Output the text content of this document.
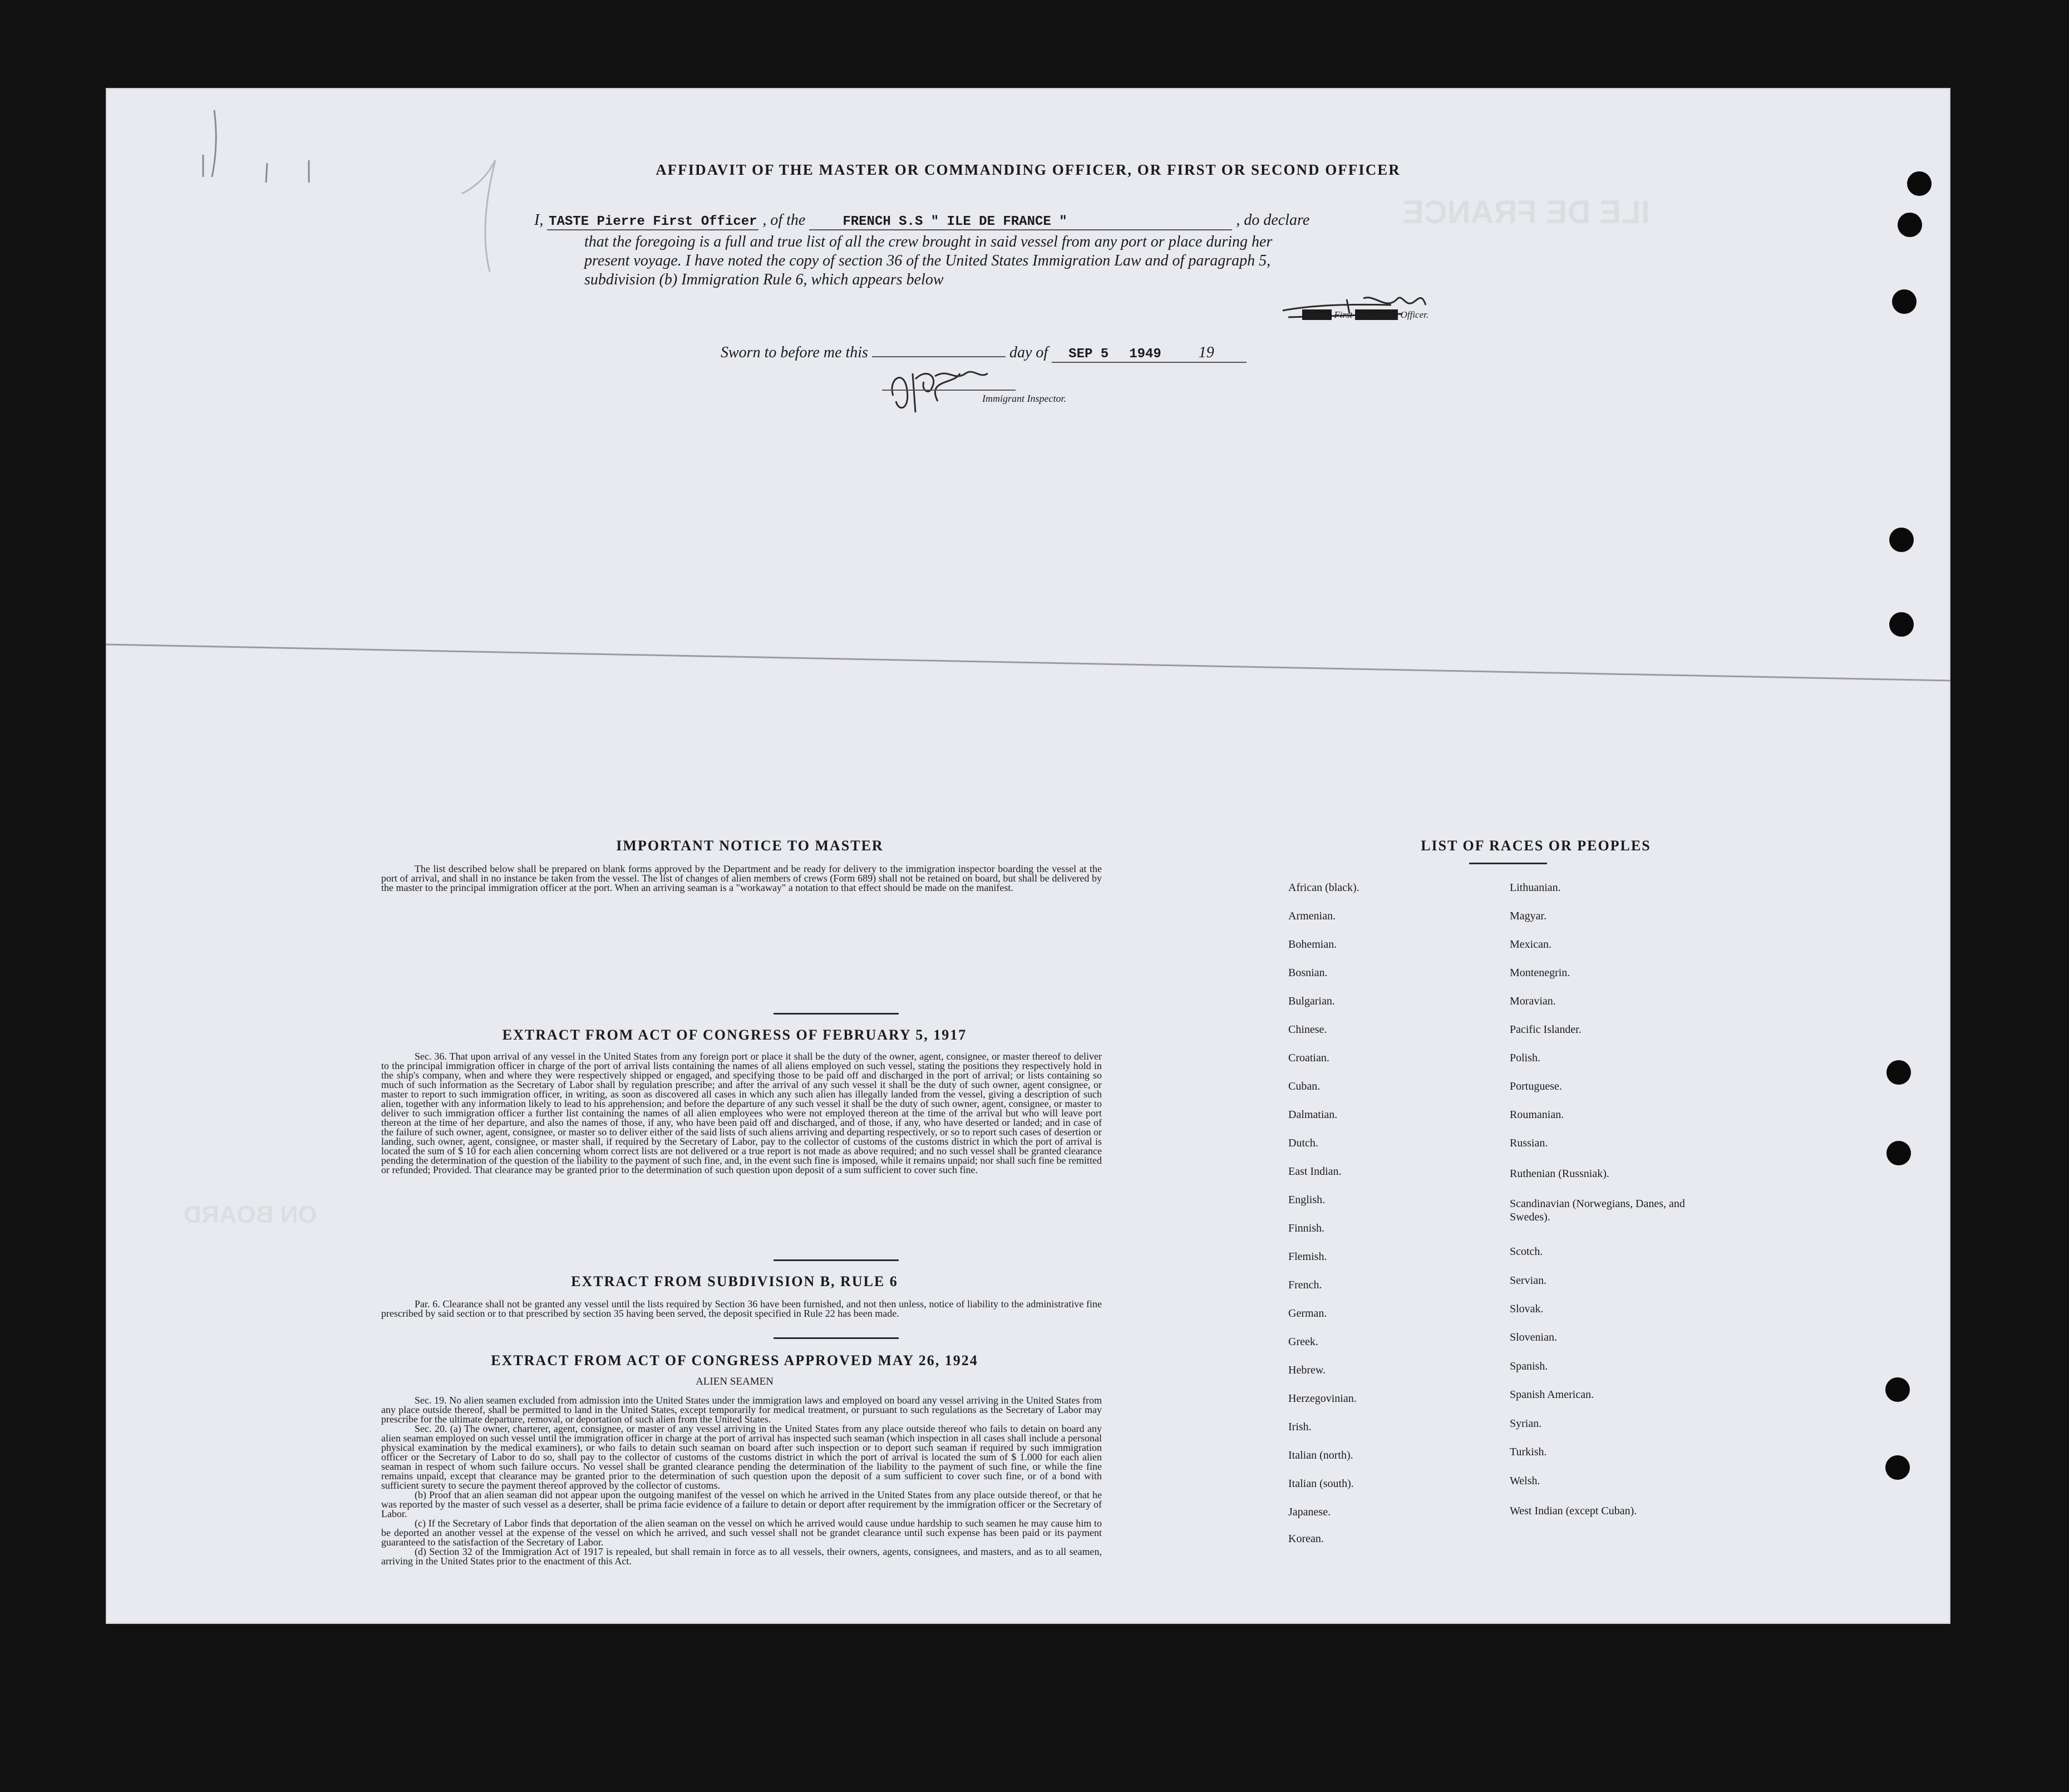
ILE DE FRANCE
ON BOARD
AFFIDAVIT OF THE MASTER OR COMMANDING OFFICER, OR FIRST OR SECOND OFFICER
I, TASTE Pierre First Officer , of the	FRENCH S.S " ILE DE FRANCE "	, do declare
that the foregoing is a full and true list of all the crew brought in said vessel from any port or place during her
present voyage. I have noted the copy of section 36 of the United States Immigration Law and of paragraph 5,
subdivision (b) Immigration Rule 6, which appears below
XXXX First XXXXXX Officer.
Sworn to before me this	day of SEP 5 1949 19
Immigrant Inspector.
IMPORTANT NOTICE TO MASTER

The list described below shall be prepared on blank forms approved by the Department and be ready for delivery to the immigration inspector boarding the vessel at the port of arrival, and shall in no instance be taken from the vessel. The list of changes of alien members of crews (Form 689) shall not be retained on board, but shall be delivered by the master to the principal immigration officer at the port. When an arriving seaman is a "workaway" a notation to that effect should be made on the manifest.

EXTRACT FROM ACT OF CONGRESS OF FEBRUARY 5, 1917

Sec. 36. That upon arrival of any vessel in the United States from any foreign port or place it shall be the duty of the owner, agent, consignee, or master thereof to deliver to the principal immigration officer in charge of the port of arrival lists containing the names of all aliens employed on such vessel, stating the positions they respectively hold in the ship's company, when and where they were respectively shipped or engaged, and specifying those to be paid off and discharged in the port of arrival; or lists containing so much of such information as the Secretary of Labor shall by regulation prescribe; and after the arrival of any such vessel it shall be the duty of such owner, agent consignee, or master to report to such immigration officer, in writing, as soon as discovered all cases in which any such alien has illegally landed from the vessel, giving a description of such alien, together with any information likely to lead to his apprehension; and before the departure of any such vessel it shall be the duty of such owner, agent, consignee, or master to deliver to such immigration officer a further list containing the names of all alien employees who were not employed thereon at the time of the arrival but who will leave port thereon at the time of her departure, and also the names of those, if any, who have been paid off and discharged, and of those, if any, who have deserted or landed; and in case of the failure of such owner, agent, consignee, or master so to deliver either of the said lists of such aliens arriving and departing respectively, or so to report such cases of desertion or landing, such owner, agent, consignee, or master shall, if required by the Secretary of Labor, pay to the collector of customs of the customs district in which the port of arrival is located the sum of $ 10 for each alien concerning whom correct lists are not delivered or a true report is not made as above required; and no such vessel shall be granted clearance pending the determination of the question of the liability to the payment of such fine, and, in the event such fine is imposed, while it remains unpaid; nor shall such fine be remitted or refunded; Provided. That clearance may be granted prior to the determination of such question upon deposit of a sum sufficient to cover such fine.

EXTRACT FROM SUBDIVISION B, RULE 6

Par. 6. Clearance shall not be granted any vessel until the lists required by Section 36 have been furnished, and not then unless, notice of liability to the administrative fine prescribed by said section or to that prescribed by section 35 having been served, the deposit specified in Rule 22 has been made.

EXTRACT FROM ACT OF CONGRESS APPROVED MAY 26, 1924
ALIEN SEAMEN

Sec. 19. No alien seamen excluded from admission into the United States under the immigration laws and employed on board any vessel arriving in the United States from any place outside thereof, shall be permitted to land in the United States, except temporarily for medical treatment, or pursuant to such regulations as the Secretary of Labor may prescribe for the ultimate departure, removal, or deportation of such alien from the United States.

Sec. 20. (a) The owner, charterer, agent, consignee, or master of any vessel arriving in the United States from any place outside thereof who fails to detain on board any alien seaman employed on such vessel until the immigration officer in charge at the port of arrival has inspected such seaman (which inspection in all cases shall include a personal physical examination by the medical examiners), or who fails to detain such seaman on board after such inspection or to deport such seaman if required by such immigration officer or the Secretary of Labor to do so, shall pay to the collector of customs of the customs district in which the port of arrival is located the sum of $ 1.000 for each alien seaman in respect of whom such failure occurs. No vessel shall be granted clearance pending the determination of the liability to the payment of such fine, or while the fine remains unpaid, except that clearance may be granted prior to the determination of such question upon the deposit of a sum sufficient to cover such fine, or of a bond with sufficient surety to secure the payment thereof approved by the collector of customs.

(b) Proof that an alien seaman did not appear upon the outgoing manifest of the vessel on which he arrived in the United States from any place outside thereof, or that he was reported by the master of such vessel as a deserter, shall be prima facie evidence of a failure to detain or deport after requirement by the immigration officer or the Secretary of Labor.

(c) If the Secretary of Labor finds that deportation of the alien seaman on the vessel on which he arrived would cause undue hardship to such seamen he may cause him to be deported an another vessel at the expense of the vessel on which he arrived, and such vessel shall not be grandet clearance until such expense has been paid or its payment guaranteed to the satisfaction of the Secretary of Labor.

(d) Section 32 of the Immigration Act of 1917 is repealed, but shall remain in force as to all vessels, their owners, agents, consignees, and masters, and as to all seamen, arriving in the United States prior to the enactment of this Act.

LIST OF RACES OR PEOPLES
African (black).
Armenian.
Bohemian.
Bosnian.
Bulgarian.
Chinese.
Croatian.
Cuban.
Dalmatian.
Dutch.
East Indian.
English.
Finnish.
Flemish.
French.
German.
Greek.
Hebrew.
Herzegovinian.
Irish.
Italian (north).
Italian (south).
Japanese.
Korean.
Lithuanian.
Magyar.
Mexican.
Montenegrin.
Moravian.
Pacific Islander.
Polish.
Portuguese.
Roumanian.
Russian.
Ruthenian (Russniak).
Scandinavian (Norwegians, Danes, and Swedes).
Scotch.
Servian.
Slovak.
Slovenian.
Spanish.
Spanish American.
Syrian.
Turkish.
Welsh.
West Indian (except Cuban).
